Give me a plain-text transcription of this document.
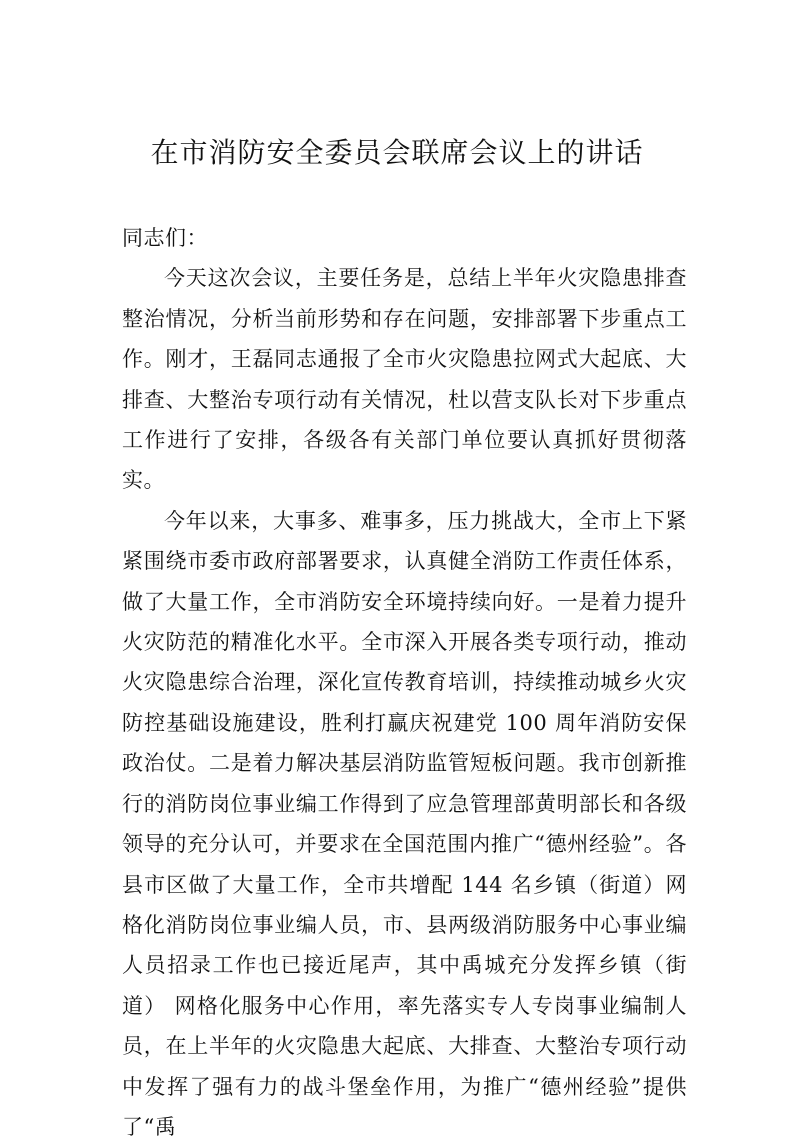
在市消防安全委员会联席会议上的讲话

同志们：

今天这次会议，主要任务是，总结上半年火灾隐患排查整治情况，分析当前形势和存在问题，安排部署下步重点工作。刚才，王磊同志通报了全市火灾隐患拉网式大起底、大排查、大整治专项行动有关情况，杜以营支队长对下步重点工作进行了安排，各级各有关部门单位要认真抓好贯彻落实。

今年以来，大事多、难事多，压力挑战大，全市上下紧紧围绕市委市政府部署要求，认真健全消防工作责任体系， 做了大量工作，全市消防安全环境持续向好。一是着力提升火灾防范的精准化水平。全市深入开展各类专项行动，推动火灾隐患综合治理，深化宣传教育培训，持续推动城乡火灾防控基础设施建设，胜利打赢庆祝建党 100 周年消防安保政治仗。二是着力解决基层消防监管短板问题。我市创新推行的消防岗位事业编工作得到了应急管理部黄明部长和各级领导的充分认可，并要求在全国范围内推广“德州经验”。各县市区做了大量工作，全市共增配 144 名乡镇（街道）网格化消防岗位事业编人员，市、县两级消防服务中心事业编人员招录工作也已接近尾声，其中禹城充分发挥乡镇（街道） 网格化服务中心作用，率先落实专人专岗事业编制人员，在上半年的火灾隐患大起底、大排查、大整治专项行动中发挥了强有力的战斗堡垒作用，为推广“德州经验”提供了“禹
